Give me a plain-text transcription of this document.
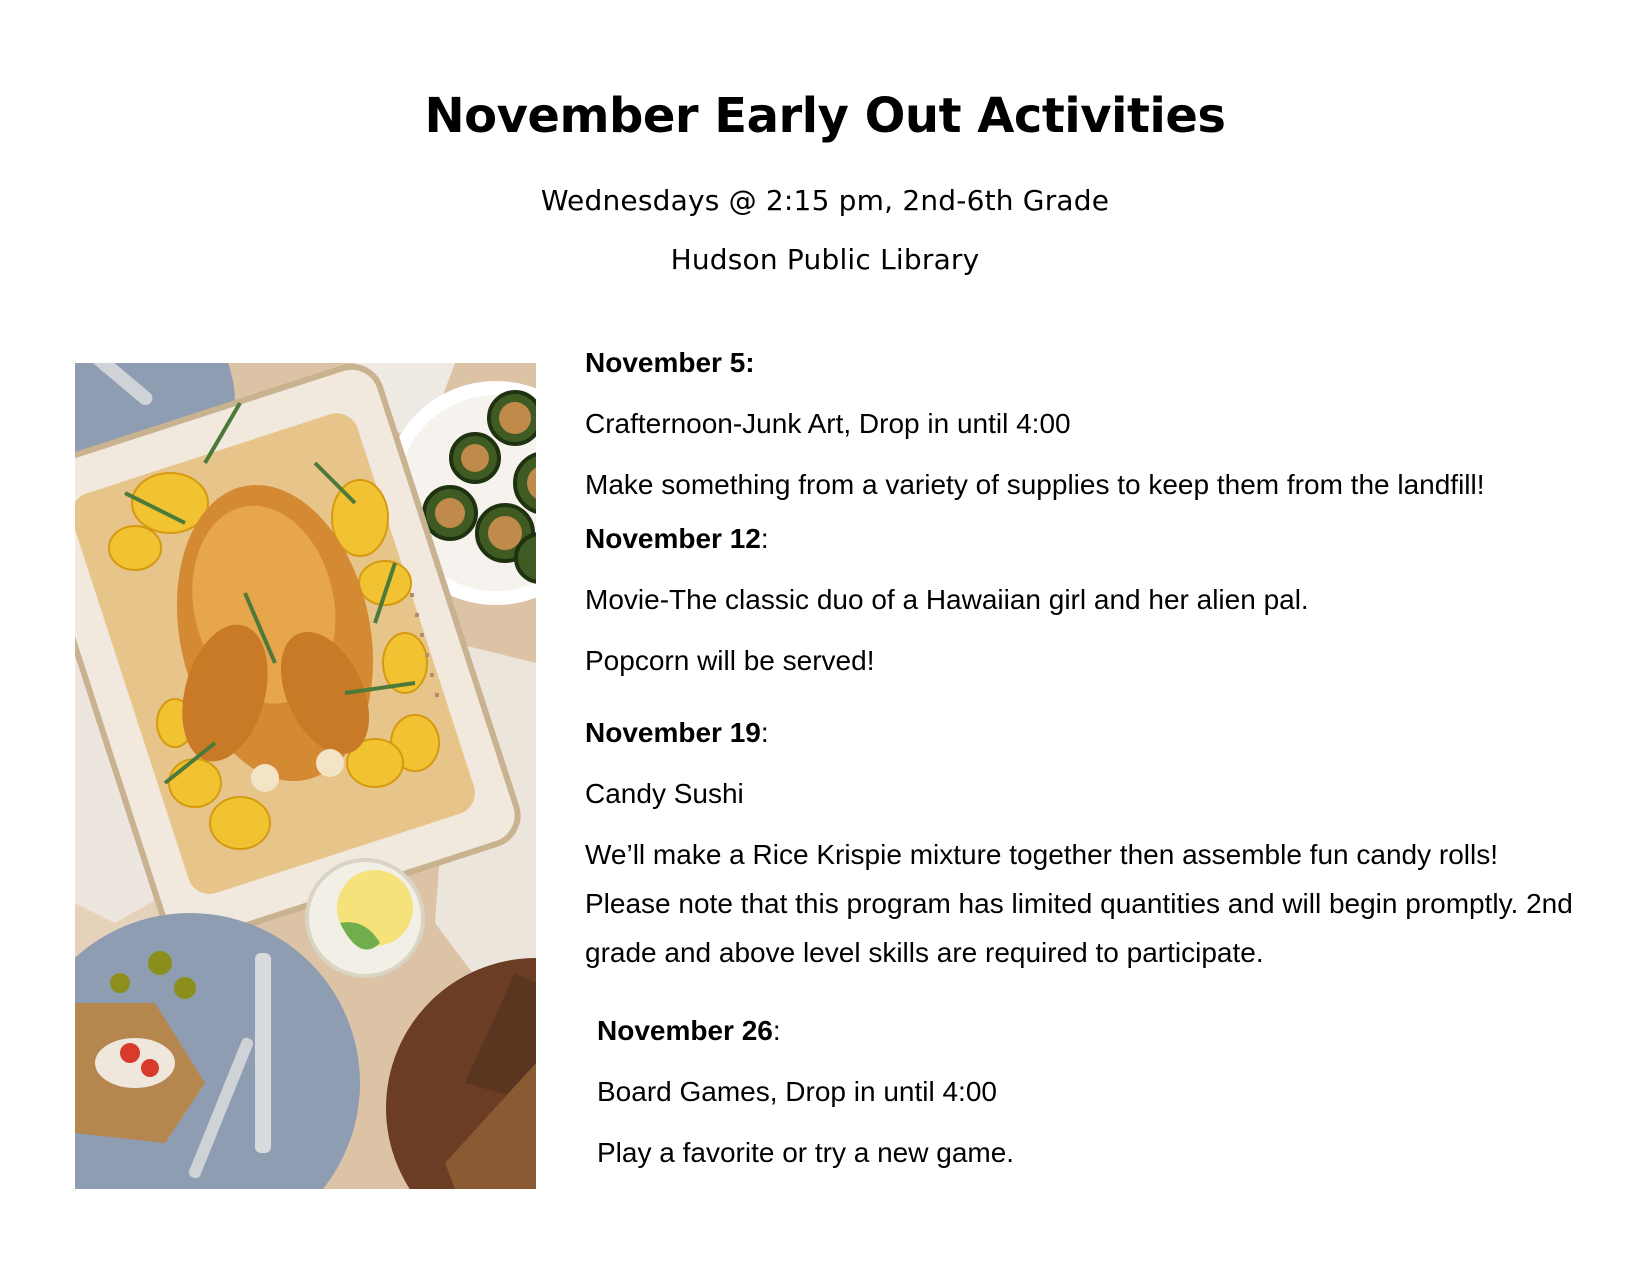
November Early Out Activities

Wednesdays @ 2:15 pm, 2nd-6th Grade

Hudson Public Library

November 5:

Crafternoon-Junk Art, Drop in until 4:00

Make something from a variety of supplies to keep them from the landfill!

November 12:

Movie-The classic duo of a Hawaiian girl and her alien pal.

Popcorn will be served!

November 19:

Candy Sushi

We’ll make a Rice Krispie mixture together then assemble fun candy rolls! Please note that this program has limited quantities and will begin promptly. 2nd grade and above level skills are required to participate.

November 26:

Board Games, Drop in until 4:00

Play a favorite or try a new game.
